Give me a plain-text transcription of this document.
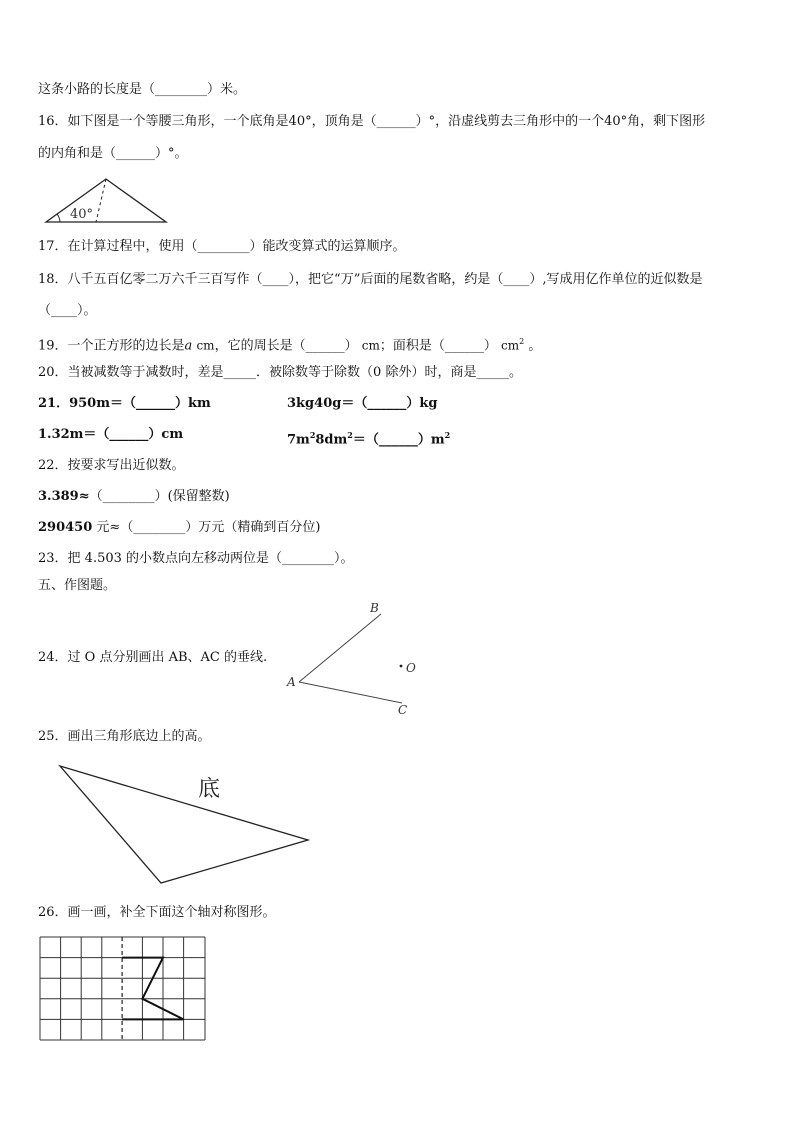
这条小路的长度是（________）米。
16．如下图是一个等腰三角形，一个底角是40°，顶角是（______）°，沿虚线剪去三角形中的一个40°角，剩下图形
的内角和是（______）°。
40°
17．在计算过程中，使用（________）能改变算式的运算顺序。
18．八千五百亿零二万六千三百写作（____），把它“万”后面的尾数省略，约是（____）,写成用亿作单位的近似数是
（____）。
19．一个正方形的边长是a cm，它的周长是（______） cm；面积是（______） $cm^2$ 。
20．当被减数等于减数时，差是_____．被除数等于除数（0 除外）时，商是_____。
21．950m＝（______）km	3kg40g＝（______）kg
1.32m＝（______）cm	$7m^28dm^2=(\_\_\_\_\_\_)m^2$
22．按要求写出近似数。
3.389≈（________）(保留整数)
290450 元≈（________）万元（精确到百分位)
23．把 4.503 的小数点向左移动两位是（________）。
五、作图题。
24．过 O 点分别画出 AB、AC 的垂线.
A
B
C
O
25．画出三角形底边上的高。
底
26．画一画，补全下面这个轴对称图形。
